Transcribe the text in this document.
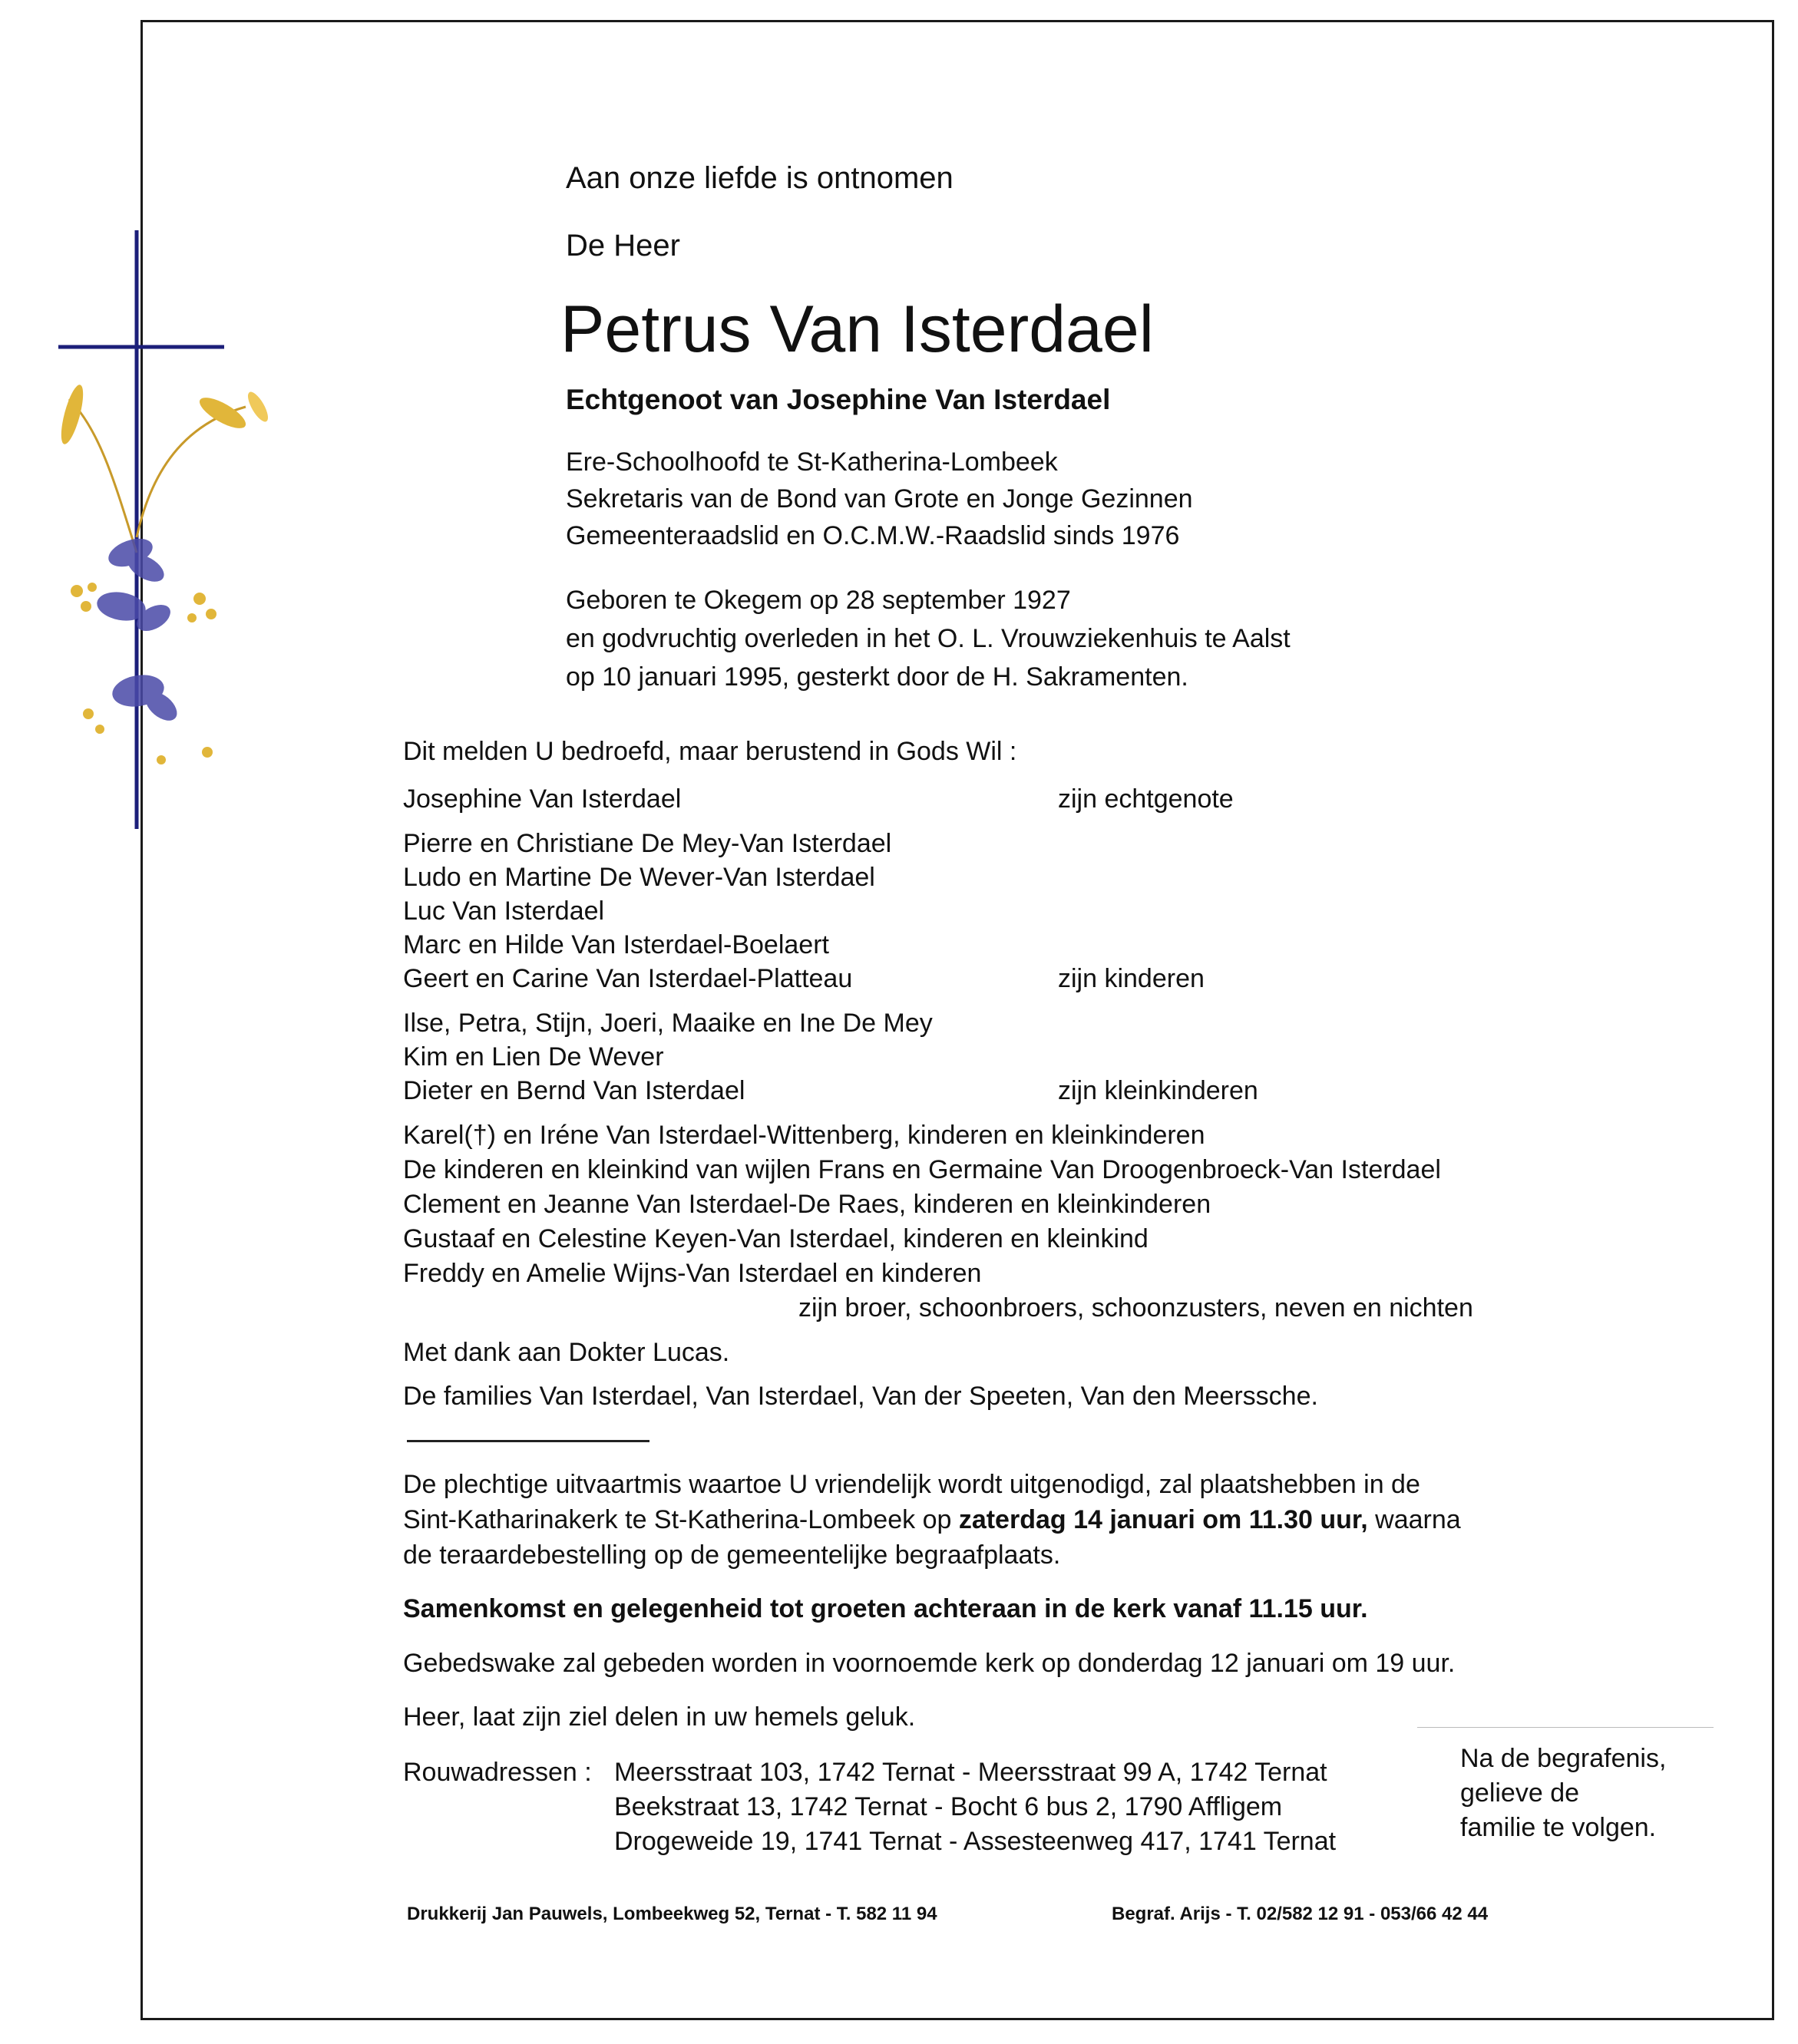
Aan onze liefde is ontnomen
De Heer
Petrus Van Isterdael
Echtgenoot van Josephine Van Isterdael
Ere-Schoolhoofd te St-Katherina-Lombeek
Sekretaris van de Bond van Grote en Jonge Gezinnen
Gemeenteraadslid en O.C.M.W.-Raadslid sinds 1976
Geboren te Okegem op 28 september 1927
en godvruchtig overleden in het O. L. Vrouwziekenhuis te Aalst
op 10 januari 1995, gesterkt door de H. Sakramenten.
Dit melden U bedroefd, maar berustend in Gods Wil :
Josephine Van Isterdael	zijn echtgenote
Pierre en Christiane De Mey-Van Isterdael
Ludo en Martine De Wever-Van Isterdael
Luc Van Isterdael
Marc en Hilde Van Isterdael-Boelaert
Geert en Carine Van Isterdael-Platteau	zijn kinderen
Ilse, Petra, Stijn, Joeri, Maaike en Ine De Mey
Kim en Lien De Wever
Dieter en Bernd Van Isterdael	zijn kleinkinderen
Karel(†) en Iréne Van Isterdael-Wittenberg, kinderen en kleinkinderen
De kinderen en kleinkind van wijlen Frans en Germaine Van Droogenbroeck-Van Isterdael
Clement en Jeanne Van Isterdael-De Raes, kinderen en kleinkinderen
Gustaaf en Celestine Keyen-Van Isterdael, kinderen en kleinkind
Freddy en Amelie Wijns-Van Isterdael en kinderen
zijn broer, schoonbroers, schoonzusters, neven en nichten
Met dank aan Dokter Lucas.
De families Van Isterdael, Van Isterdael, Van der Speeten, Van den Meerssche.
De plechtige uitvaartmis waartoe U vriendelijk wordt uitgenodigd, zal plaatshebben in de
Sint-Katharinakerk te St-Katherina-Lombeek op zaterdag 14 januari om 11.30 uur, waarna
de teraardebestelling op de gemeentelijke begraafplaats.
Samenkomst en gelegenheid tot groeten achteraan in de kerk vanaf 11.15 uur.
Gebedswake zal gebeden worden in voornoemde kerk op donderdag 12 januari om 19 uur.
Heer, laat zijn ziel delen in uw hemels geluk.
Rouwadressen : Meersstraat 103, 1742 Ternat - Meersstraat 99 A, 1742 Ternat
Beekstraat 13, 1742 Ternat - Bocht 6 bus 2, 1790 Affligem
Drogeweide 19, 1741 Ternat - Assesteenweg 417, 1741 Ternat
Na de begrafenis,
gelieve de
familie te volgen.
Drukkerij Jan Pauwels, Lombeekweg 52, Ternat - T. 582 11 94	Begraf. Arijs - T. 02/582 12 91 - 053/66 42 44
